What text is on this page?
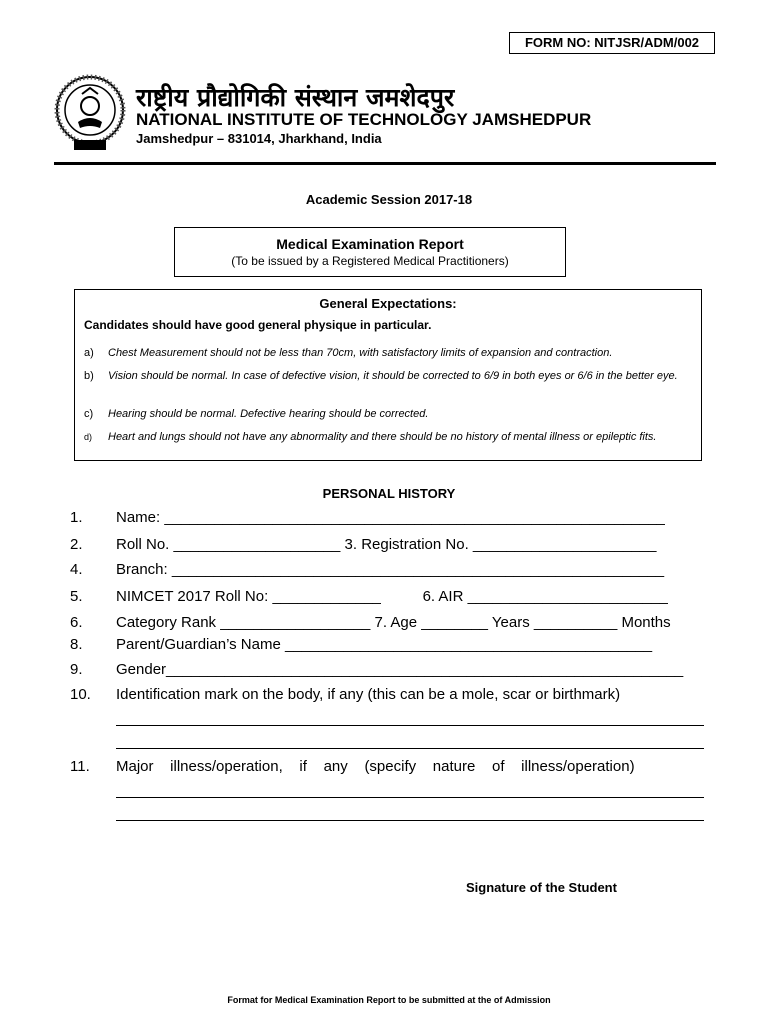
FORM NO: NITJSR/ADM/002
राष्ट्रीय प्रौद्योगिकी संस्थान जमशेदपुर
NATIONAL INSTITUTE OF TECHNOLOGY JAMSHEDPUR
Jamshedpur – 831014, Jharkhand, India
Academic Session 2017-18
Medical Examination Report
(To be issued by a Registered Medical Practitioners)
General Expectations:
Candidates should have good general physique in particular.
a) Chest Measurement should not be less than 70cm, with satisfactory limits of expansion and contraction.
b) Vision should be normal. In case of defective vision, it should be corrected to 6/9 in both eyes or 6/6 in the better eye.
c) Hearing should be normal. Defective hearing should be corrected.
d) Heart and lungs should not have any abnormality and there should be no history of mental illness or epileptic fits.
PERSONAL HISTORY
1. Name: ____________________________________________________________
2. Roll No. ____________________ 3. Registration No. ______________________
4. Branch: ___________________________________________________________
5. NIMCET 2017 Roll No: _____________          6. AIR ________________________
6. Category Rank __________________ 7. Age ________ Years __________ Months
8. Parent/Guardian’s Name ____________________________________________
9. Gender______________________________________________________________
10. Identification mark on the body, if any (this can be a mole, scar or birthmark)
11. Major    illness/operation,    if    any    (specify    nature    of    illness/operation)
Signature of the Student
Format for Medical Examination Report to be submitted at the of Admission
